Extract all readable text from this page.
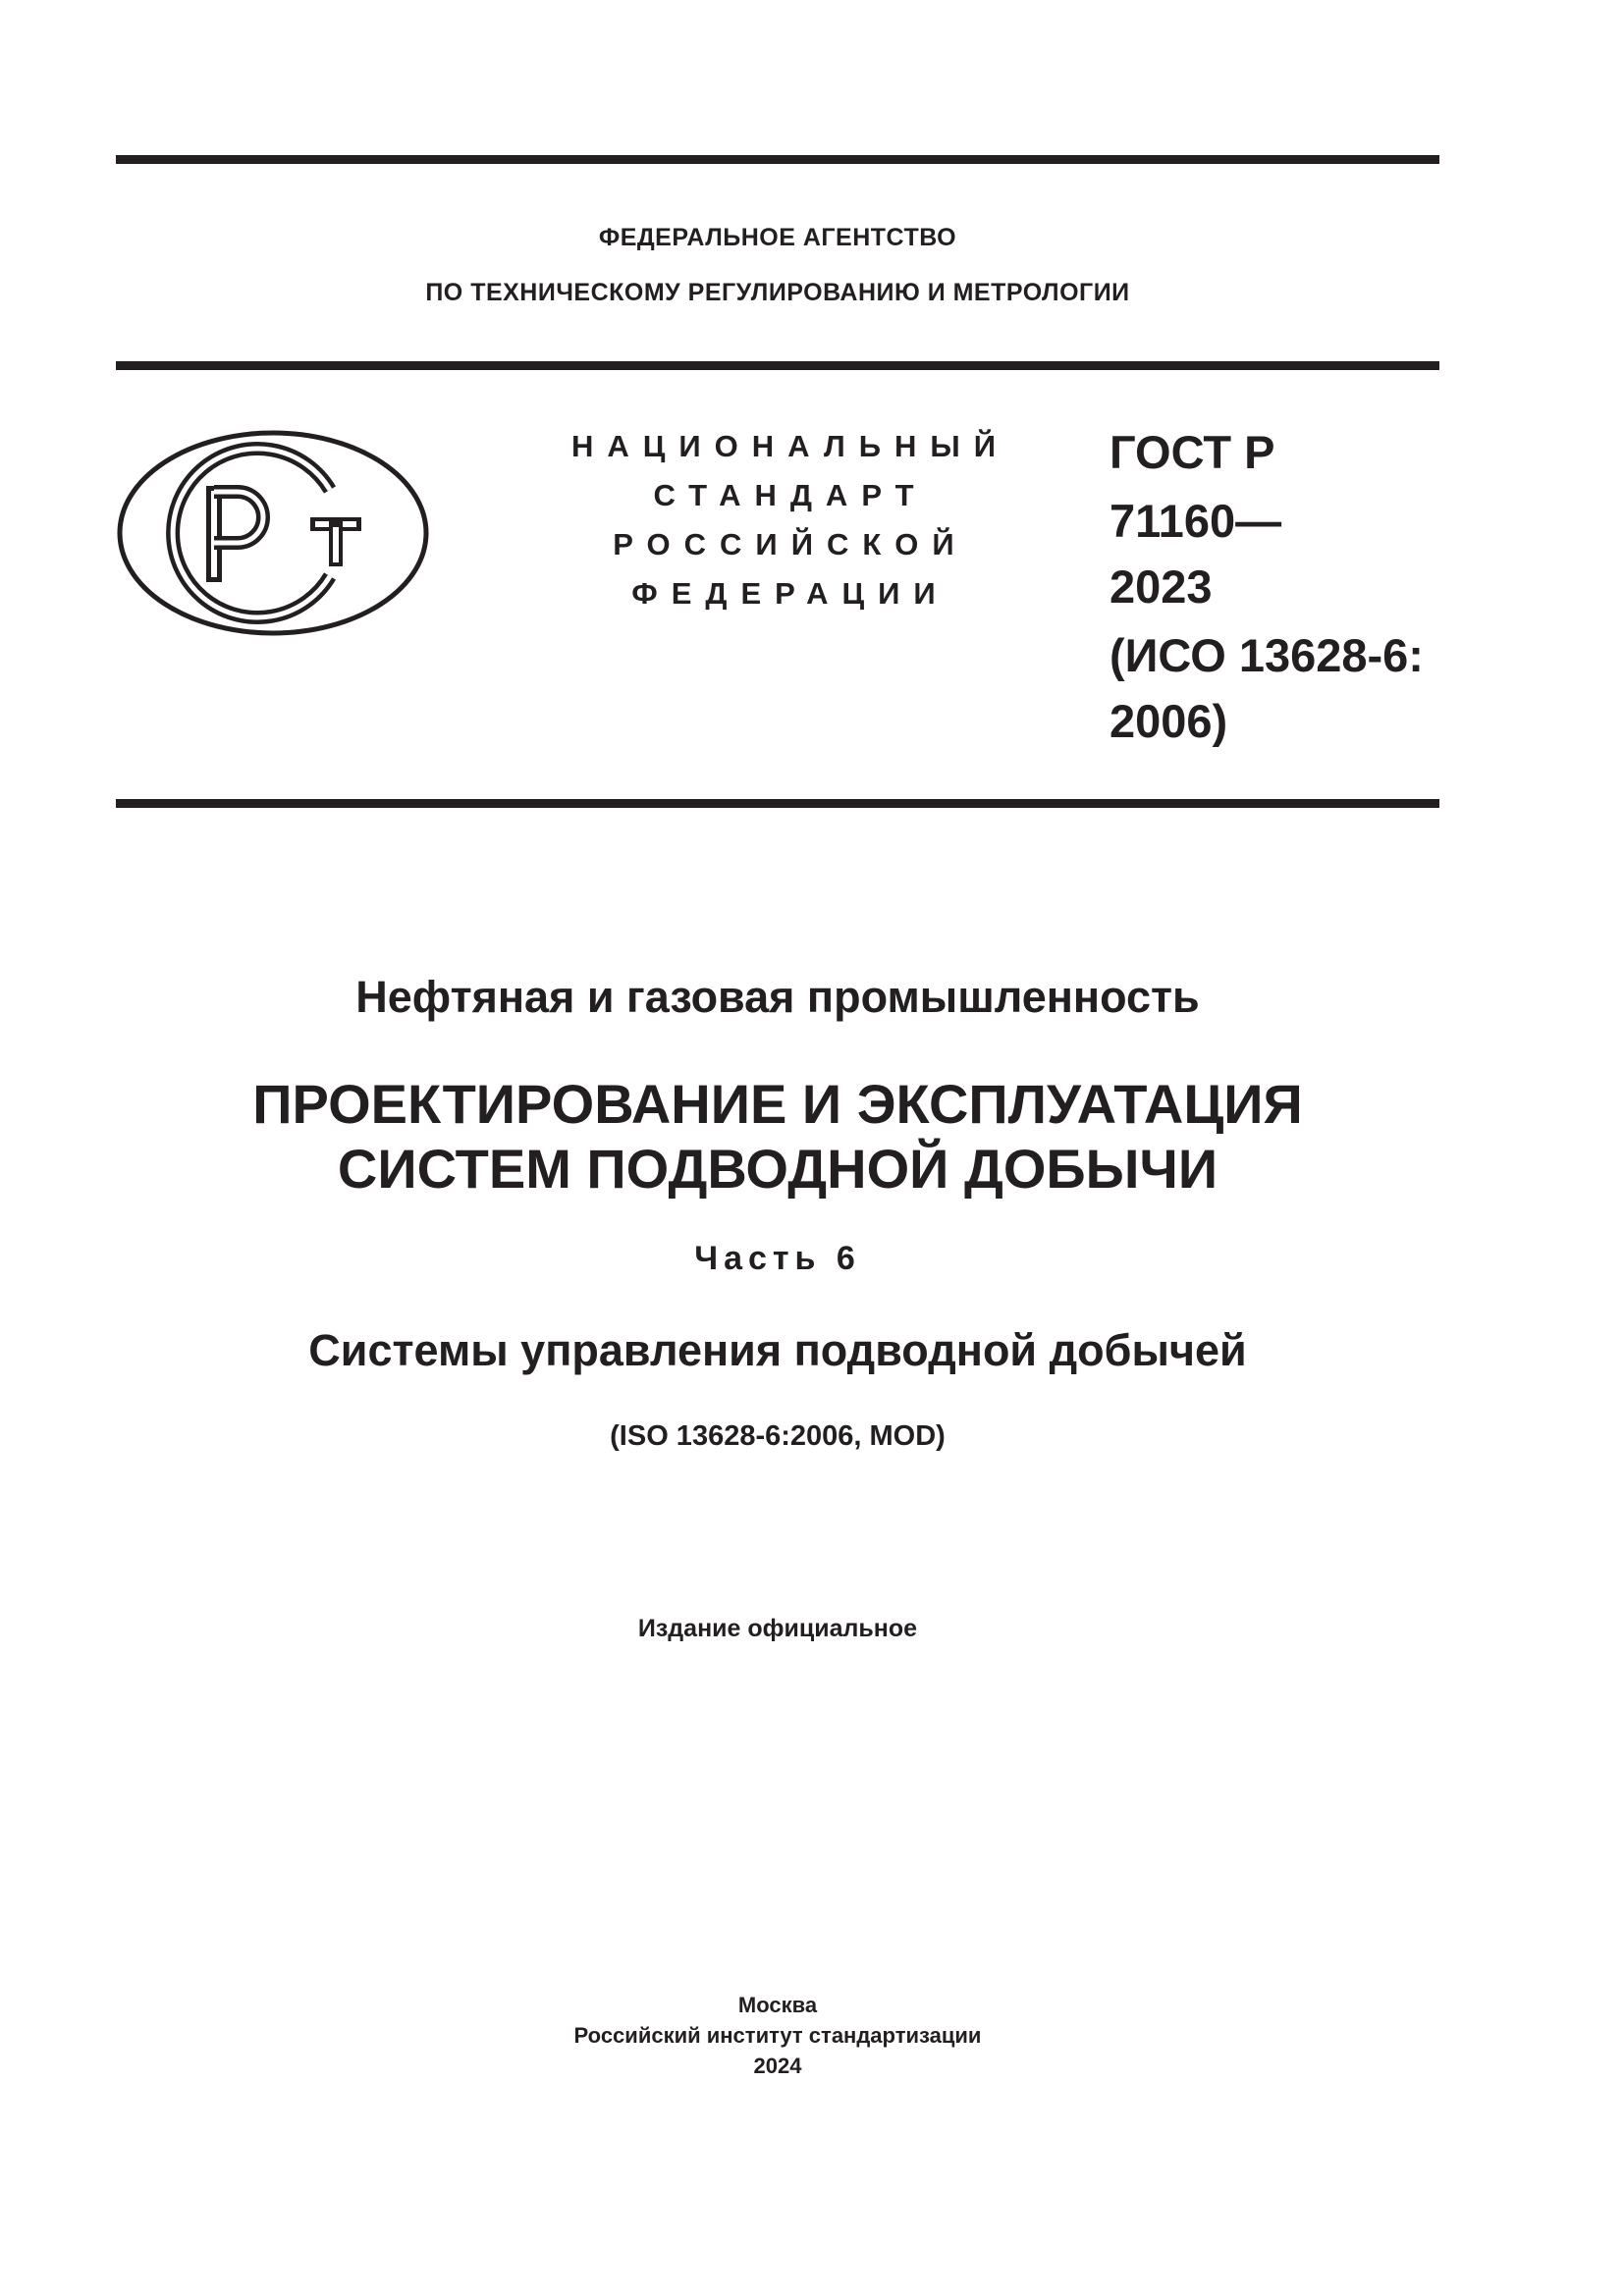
ФЕДЕРАЛЬНОЕ АГЕНТСТВО
ПО ТЕХНИЧЕСКОМУ РЕГУЛИРОВАНИЮ И МЕТРОЛОГИИ
НАЦИОНАЛЬНЫЙ
СТАНДАРТ
РОССИЙСКОЙ
ФЕДЕРАЦИИ
ГОСТ Р
71160—
2023
(ИСО 13628-6:
2006)
Нефтяная и газовая промышленность
ПРОЕКТИРОВАНИЕ И ЭКСПЛУАТАЦИЯ
СИСТЕМ ПОДВОДНОЙ ДОБЫЧИ
Часть 6
Системы управления подводной добычей
(ISO 13628-6:2006, MOD)
Издание официальное
Москва
Российский институт стандартизации
2024
